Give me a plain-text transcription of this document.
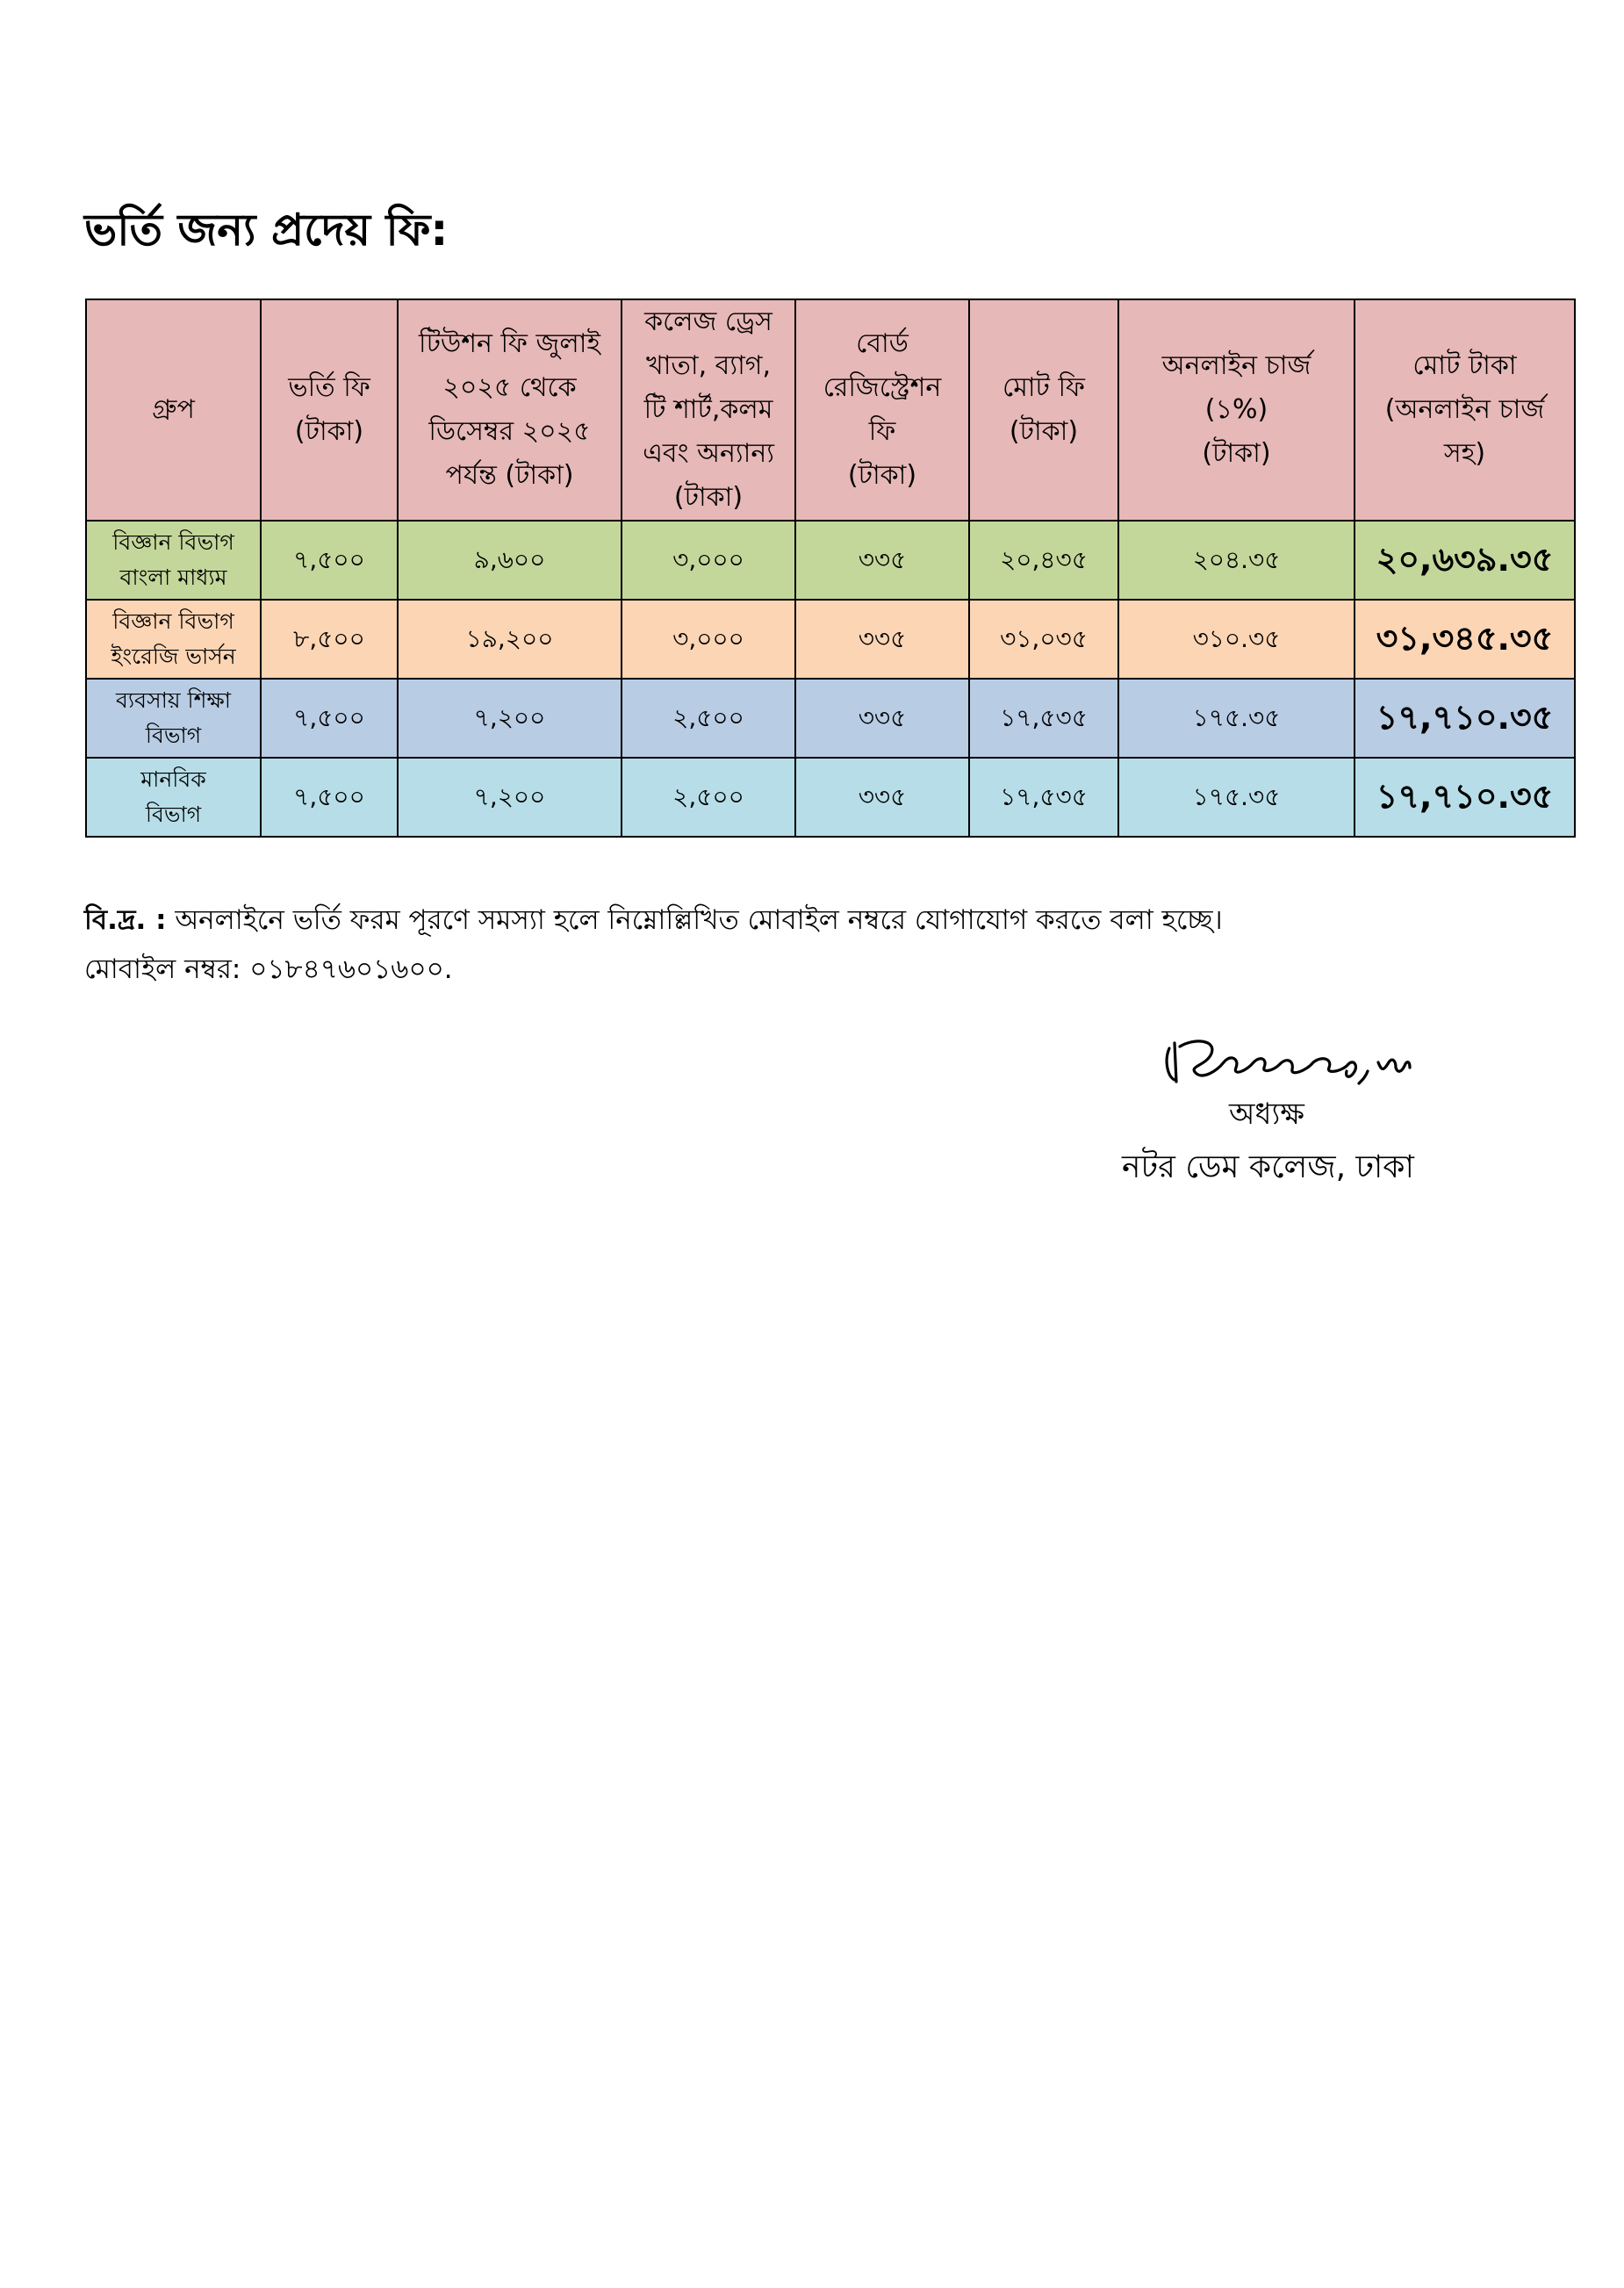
ভর্তি জন্য প্রদেয় ফি:
গ্রুপ	ভর্তি ফি
(টাকা)	টিউশন ফি জুলাই
২০২৫ থেকে
ডিসেম্বর ২০২৫
পর্যন্ত (টাকা)	কলেজ ড্রেস
খাতা, ব্যাগ,
টি শার্ট,কলম
এবং অন্যান্য
(টাকা)	বোর্ড
রেজিস্ট্রেশন
ফি
(টাকা)	মোট ফি
(টাকা)	অনলাইন চার্জ
(১%)
(টাকা)	মোট টাকা
(অনলাইন চার্জ
সহ)
বিজ্ঞান বিভাগ
বাংলা মাধ্যম	৭,৫০০	৯,৬০০	৩,০০০	৩৩৫	২০,৪৩৫	২০৪.৩৫	২০,৬৩৯.৩৫
বিজ্ঞান বিভাগ
ইংরেজি ভার্সন	৮,৫০০	১৯,২০০	৩,০০০	৩৩৫	৩১,০৩৫	৩১০.৩৫	৩১,৩৪৫.৩৫
ব্যবসায় শিক্ষা
বিভাগ	৭,৫০০	৭,২০০	২,৫০০	৩৩৫	১৭,৫৩৫	১৭৫.৩৫	১৭,৭১০.৩৫
মানবিক
বিভাগ	৭,৫০০	৭,২০০	২,৫০০	৩৩৫	১৭,৫৩৫	১৭৫.৩৫	১৭,৭১০.৩৫
বি.দ্র. : অনলাইনে ভর্তি ফরম পূরণে সমস্যা হলে নিম্নোল্লিখিত মোবাইল নম্বরে যোগাযোগ করতে বলা হচ্ছে।
মোবাইল নম্বর: ০১৮৪৭৬০১৬০০.
অধ্যক্ষ
নটর ডেম কলেজ, ঢাকা
